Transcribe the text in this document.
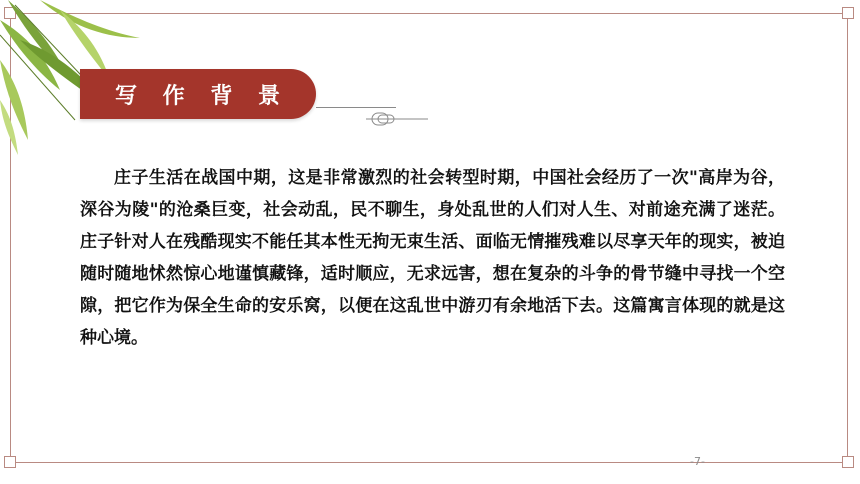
写 作 背 景

庄子生活在战国中期，这是非常激烈的社会转型时期，中国社会经历了一次"高岸为谷，深谷为陵"的沧桑巨变，社会动乱，民不聊生，身处乱世的人们对人生、对前途充满了迷茫。庄子针对人在残酷现实不能任其本性无拘无束生活、面临无情摧残难以尽享天年的现实，被迫随时随地怵然惊心地谨慎藏锋，适时顺应，无求远害，想在复杂的斗争的骨节缝中寻找一个空隙，把它作为保全生命的安乐窝，以便在这乱世中游刃有余地活下去。这篇寓言体现的就是这种心境。

-7-
